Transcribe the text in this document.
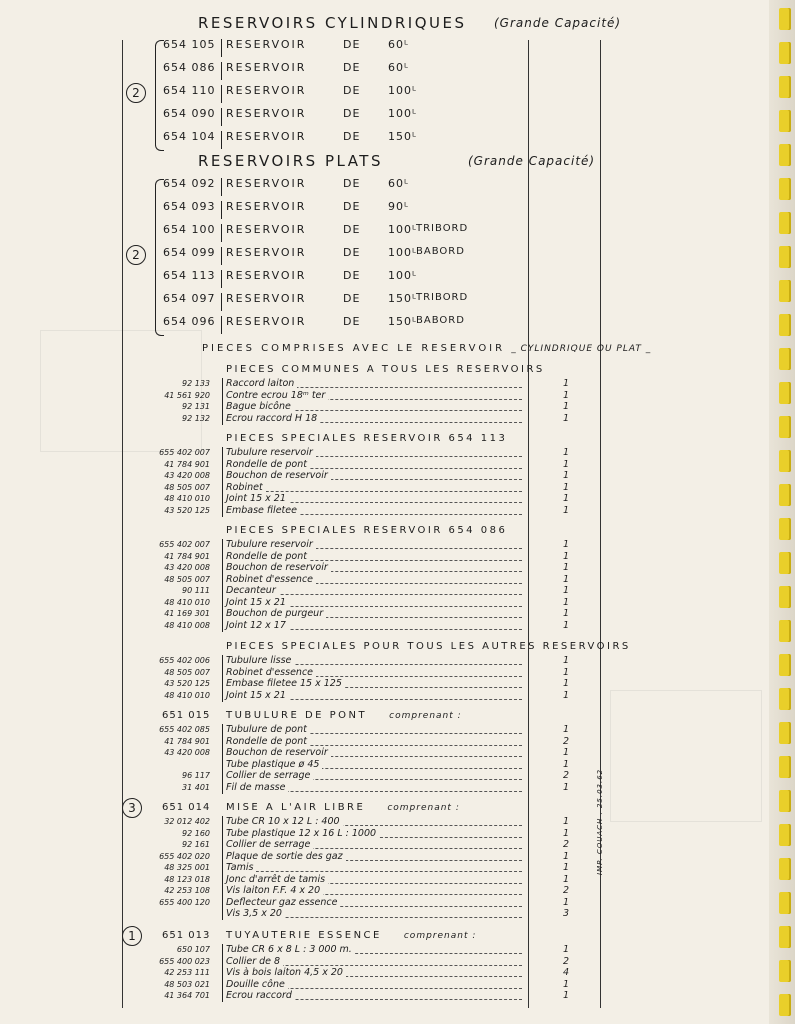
RESERVOIRS CYLINDRIQUES (Grande Capacité)
2
654 105 RESERVOIR	DE	60ᴸ
654 086 RESERVOIR	DE	60ᴸ
654 110 RESERVOIR	DE	100ᴸ
654 090 RESERVOIR	DE	100ᴸ
654 104 RESERVOIR	DE	150ᴸ
RESERVOIRS PLATS	(Grande Capacité)
2
654 092 RESERVOIR	DE	60ᴸ
654 093 RESERVOIR	DE	90ᴸ
654 100 RESERVOIR	DE	100ᴸ TRIBORD
654 099 RESERVOIR	DE	100ᴸ BABORD
654 113 RESERVOIR	DE	100ᴸ
654 097 RESERVOIR	DE	150ᴸ TRIBORD
654 096 RESERVOIR	DE	150ᴸ BABORD
PIECES COMPRISES AVEC LE RESERVOIR _ CYLINDRIQUE OU PLAT _
PIECES COMMUNES A TOUS LES RESERVOIRS
92 133 Raccord laiton	1
41 561 920 Contre ecrou 18ᵐ ter	1
92 131 Bague bicône	1
92 132 Ecrou raccord H 18	1
PIECES SPECIALES RESERVOIR 654 113
655 402 007 Tubulure reservoir	1
41 784 901 Rondelle de pont	1
43 420 008 Bouchon de reservoir	1
48 505 007 Robinet	1
48 410 010 Joint 15 x 21	1
43 520 125 Embase filetee	1
PIECES SPECIALES RESERVOIR 654 086
655 402 007 Tubulure reservoir	1
41 784 901 Rondelle de pont	1
43 420 008 Bouchon de reservoir	1
48 505 007 Robinet d'essence	1
90 111 Decanteur	1
48 410 010 Joint 15 x 21	1
41 169 301 Bouchon de purgeur	1
48 410 008 Joint 12 x 17	1
PIECES SPECIALES POUR TOUS LES AUTRES RESERVOIRS
655 402 006 Tubulure lisse	1
48 505 007 Robinet d'essence	1
43 520 125 Embase filetee 15 x 125	1
48 410 010 Joint 15 x 21	1
651 015 TUBULURE DE PONT comprenant :
655 402 085 Tubulure de pont	1
41 784 901 Rondelle de pont	2
43 420 008 Bouchon de reservoir	1
Tube plastique ø 45	1
96 117 Collier de serrage	2
31 401 Fil de masse	1
651 014
3	MISE A L'AIR LIBRE comprenant :
32 012 402 Tube CR 10 x 12 L : 400	1
92 160 Tube plastique 12 x 16 L : 1000	1
92 161 Collier de serrage	2
655 402 020 Plaque de sortie des gaz	1
48 325 001 Tamis	1
48 123 018 Jonc d'arrêt de tamis	1
42 253 108 Vis laiton F.F. 4 x 20	2
655 400 120 Deflecteur gaz essence	1
Vis 3,5 x 20	3
651 013
1	TUYAUTERIE ESSENCE comprenant :
650 107 Tube CR 6 x 8 L : 3 000 m.	1
655 400 023 Collier de 8	2
42 253 111 Vis à bois laiton 4,5 x 20	4
48 503 021 Douille cône	1
41 364 701 Ecrou raccord	1
IMP. COUACH . 25.03.62
